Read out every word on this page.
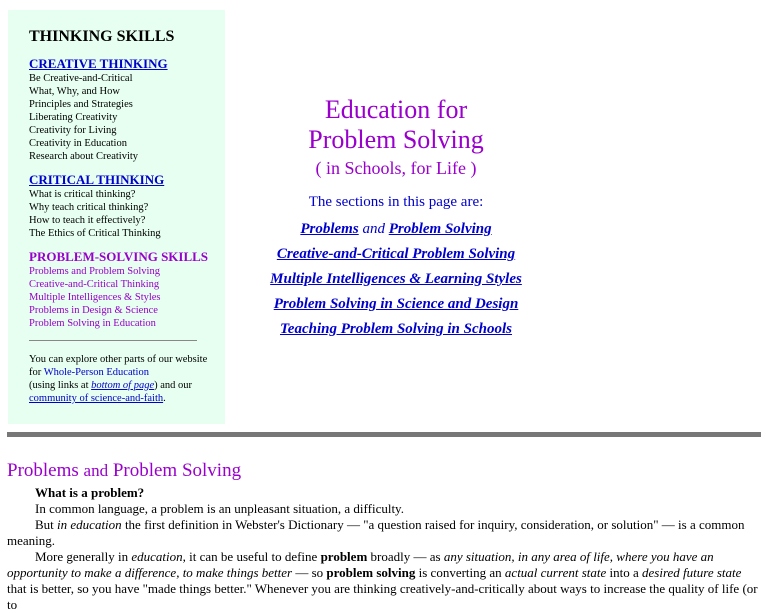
THINKING SKILLS
CREATIVE THINKING
Be Creative-and-Critical
What, Why, and How
Principles and Strategies
Liberating Creativity
Creativity for Living
Creativity in Education
Research about Creativity
CRITICAL THINKING
What is critical thinking?
Why teach critical thinking?
How to teach it effectively?
The Ethics of Critical Thinking
PROBLEM-SOLVING SKILLS
Problems and Problem Solving
Creative-and-Critical Thinking
Multiple Intelligences & Styles
Problems in Design & Science
Problem Solving in Education
You can explore other parts of our website for Whole-Person Education
(using links at bottom of page) and our community of science-and-faith.
Education for
Problem Solving
( in Schools, for Life )
The sections in this page are:
Problems and Problem Solving
Creative-and-Critical Problem Solving
Multiple Intelligences & Learning Styles
Problem Solving in Science and Design
Teaching Problem Solving in Schools
Problems and Problem Solving
What is a problem?

In common language, a problem is an unpleasant situation, a difficulty.

But in education the first definition in Webster's Dictionary — "a question raised for inquiry, consideration, or solution" — is a common meaning.

More generally in education, it can be useful to define problem broadly — as any situation, in any area of life, where you have an opportunity to make a difference, to make things better — so problem solving is converting an actual current state into a desired future state that is better, so you have "made things better." Whenever you are thinking creatively-and-critically about ways to increase the quality of life (or to
